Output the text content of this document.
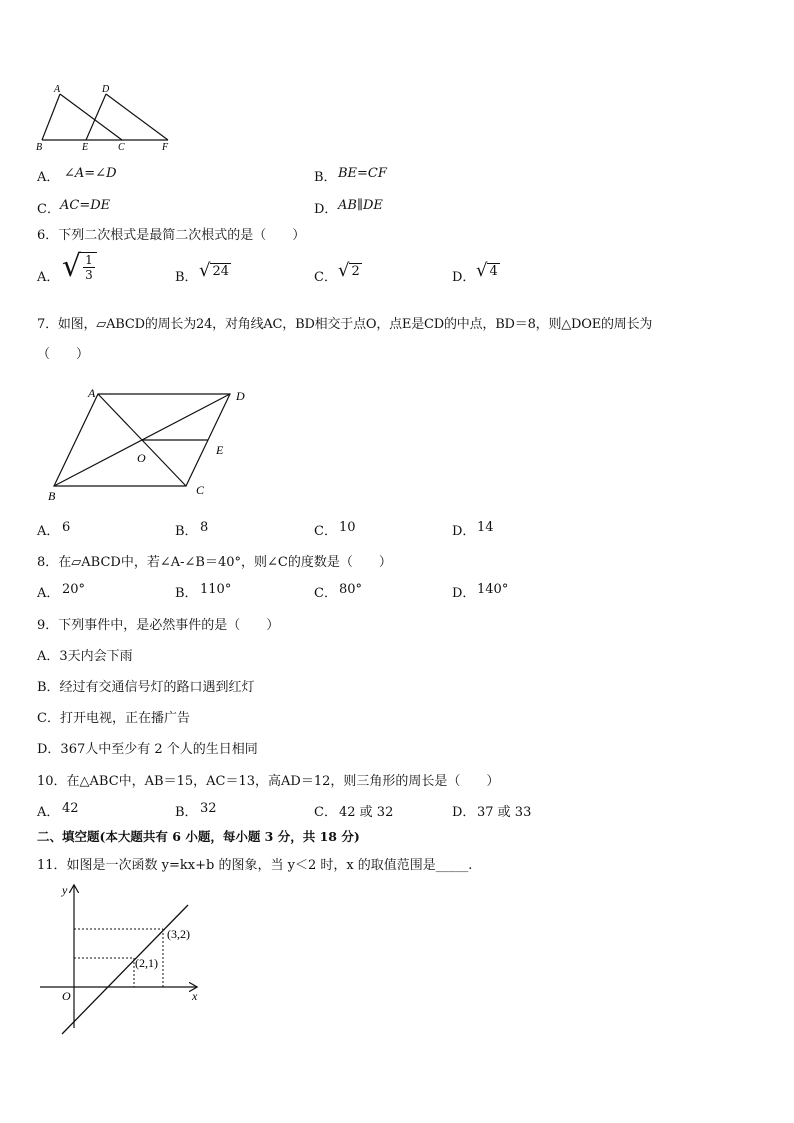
A	D
B	E	C	F
A． ∠A=∠D	B． BE=CF
C． AC=DE	D． AB∥DE
6．下列二次根式是最简二次根式的是（　　）
A． √ $\frac{1}{3}$	B． √ 24	C． √ 2	D． √ 4
7．如图，▱ABCD的周长为24，对角线AC，BD相交于点O，点E是CD的中点，BD＝8，则△DOE的周长为
（　　）
A	D
O
E
B	C
A． 6	B． 8	C． 10	D． 14
8．在▱ABCD中，若∠A-∠B＝40°，则∠C的度数是（　　）
A． 20°	B． 110°	C． 80°	D． 140°
9．下列事件中，是必然事件的是（　　）
A．3天内会下雨
B．经过有交通信号灯的路口遇到红灯
C．打开电视，正在播广告
D．367人中至少有 2 个人的生日相同
10．在△ABC中，AB＝15，AC＝13，高AD＝12，则三角形的周长是（　　）
A． 42	B． 32	C． 42 或 32	D． 37 或 33
二、填空题(本大题共有 6 小题，每小题 3 分，共 18 分)
11．如图是一次函数 y=kx+b 的图象，当 y＜2 时，x 的取值范围是_____.
y
x
O
(3,2)
(2,1)
